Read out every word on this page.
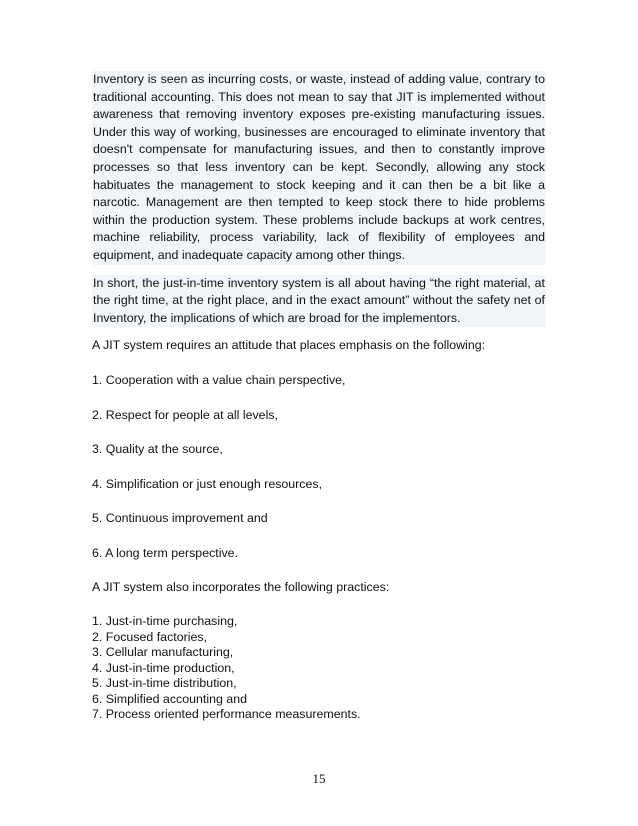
Inventory is seen as incurring costs, or waste, instead of adding value, contrary to traditional accounting. This does not mean to say that JIT is implemented without awareness that removing inventory exposes pre-existing manufacturing issues. Under this way of working, businesses are encouraged to eliminate inventory that doesn't compensate for manufacturing issues, and then to constantly improve processes so that less inventory can be kept. Secondly, allowing any stock habituates the management to stock keeping and it can then be a bit like a narcotic. Management are then tempted to keep stock there to hide problems within the production system. These problems include backups at work centres, machine reliability, process variability, lack of flexibility of employees and equipment, and inadequate capacity among other things.

In short, the just-in-time inventory system is all about having “the right material, at the right time, at the right place, and in the exact amount” without the safety net of Inventory, the implications of which are broad for the implementors.

A JIT system requires an attitude that places emphasis on the following:

1. Cooperation with a value chain perspective,

2. Respect for people at all levels,

3. Quality at the source,

4. Simplification or just enough resources,

5. Continuous improvement and

6. A long term perspective.

A JIT system also incorporates the following practices:

1. Just-in-time purchasing,

2. Focused factories,

3. Cellular manufacturing,

4. Just-in-time production,

5. Just-in-time distribution,

6. Simplified accounting and

7. Process oriented performance measurements.

15
